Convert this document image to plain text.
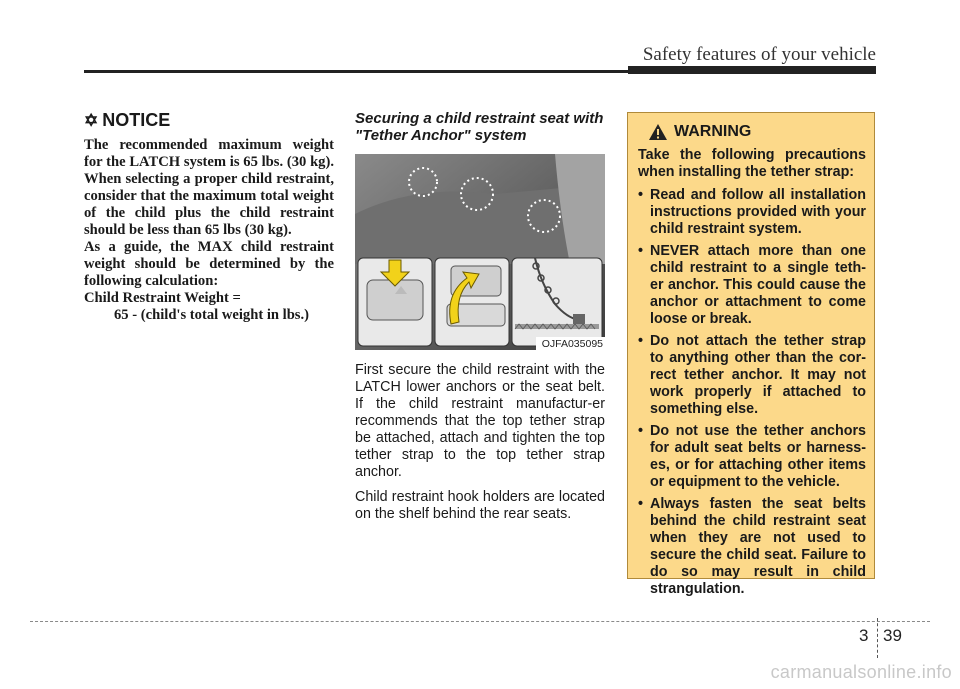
Safety features of your vehicle
✡ NOTICE

The recommended maximum weight for the LATCH system is 65 lbs. (30 kg). When selecting a proper child restraint, consider that the maximum total weight of the child plus the child restraint should be less than 65 lbs (30 kg).

As a guide, the MAX child restraint weight should be determined by the following calculation:

Child Restraint Weight =

65 - (child's total weight in lbs.)

Securing a child restraint seat with "Tether Anchor" system
OJFA035095

First secure the child restraint with the LATCH lower anchors or the seat belt. If the child restraint manufactur-er recommends that the top tether strap be attached, attach and tighten the top tether strap to the top tether strap anchor.

Child restraint hook holders are located on the shelf behind the rear seats.

WARNING

Take the following precautions when installing the tether strap:

• Read and follow all installation instructions provided with your child restraint system.
• NEVER attach more than one child restraint to a single teth-er anchor. This could cause the anchor or attachment to come loose or break.
• Do not attach the tether strap to anything other than the cor-rect tether anchor. It may not work properly if attached to something else.
• Do not use the tether anchors for adult seat belts or harness-es, or for attaching other items or equipment to the vehicle.
• Always fasten the seat belts behind the child restraint seat when they are not used to secure the child seat. Failure to do so may result in child strangulation.
3 39
carmanualsonline.info
